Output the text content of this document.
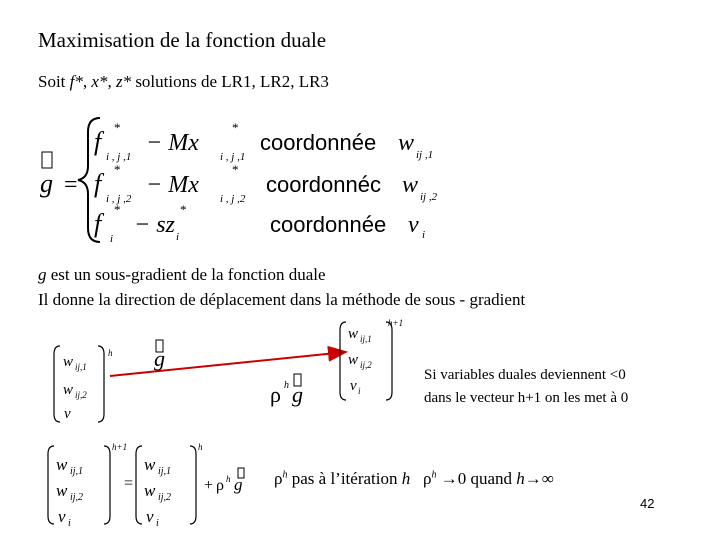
Maximisation de la fonction duale
Soit f*, x*, z* solutions de LR1, LR2, LR3
g =
f *
i , j ,1
− Mx
*
i , j ,1
coordonnée w ij ,1
f *
i , j ,2
− Mx
*
i , j ,2
coordonnéc w ij ,2
f *
i
− sz
*
i	coordonnée v i
g est un sous-gradient de la fonction duale
Il donne la direction de déplacement dans la méthode de sous - gradient
w ij,1
w ij,2
v
h g
ρ h g
w ij,1
w ij,2
v i
h+1
Si variables duales deviennent <0
dans le vecteur h+1 on les met à 0
w ij,1
w ij,2
v i
h+1
=
w ij,1
w ij,2
v i
h
+ ρ h g $\rho^h$ pas à l’itération h $\rho^h \to 0$ quand h→∞
42
